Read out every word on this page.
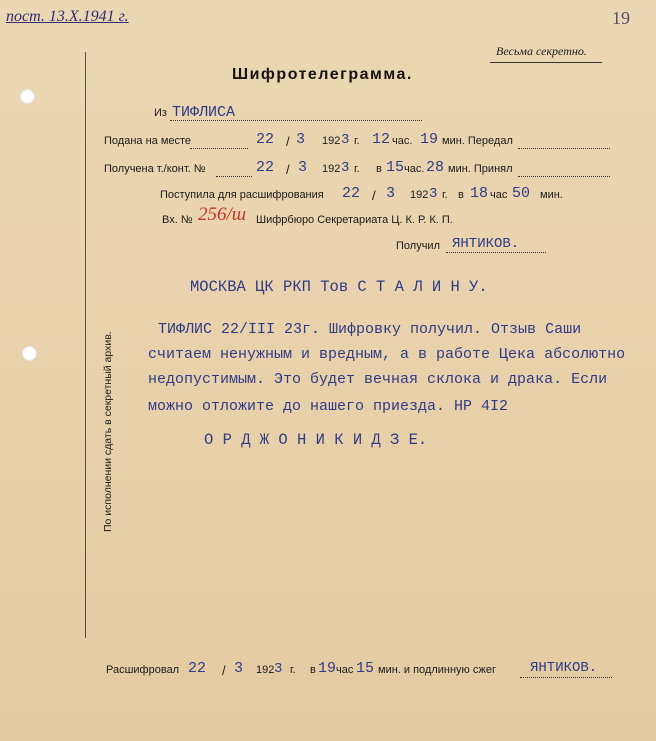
пост. 13.X.1941 г.	19
Весьма секретно.
Шифротелеграмма.
Из ТИФЛИСА
Подана на месте	22 / 3 192 3 г. 12 час. 19 мин. Передал
Получена т./конт. №	22 / 3 192 3 г. в 15 час. 28 мин. Принял
Поступила для расшифрования 22 / 3 192 3 г. в 18 час 50 мин.
Вх. № 256/ш Шифрбюро Секретариата Ц. К. Р. К. П.
Получил ЯНТИКОВ.
МОСКВА ЦК РКП Тов С Т А Л И Н У.
ТИФЛИС 22/III 23г. Шифровку получил. Отзыв Саши
считаем ненужным и вредным, а в работе Цека абсолютно
недопустимым. Это будет вечная склока и драка. Если
можно отложите до нашего приезда. НР 4I2
О Р Д Ж О Н И К И Д З Е.
По исполнении сдать в секретный архив.
Расшифровал 22 / 3 192 3 г. в 19 час 15 мин. и подлинную сжег ЯНТИКОВ.
